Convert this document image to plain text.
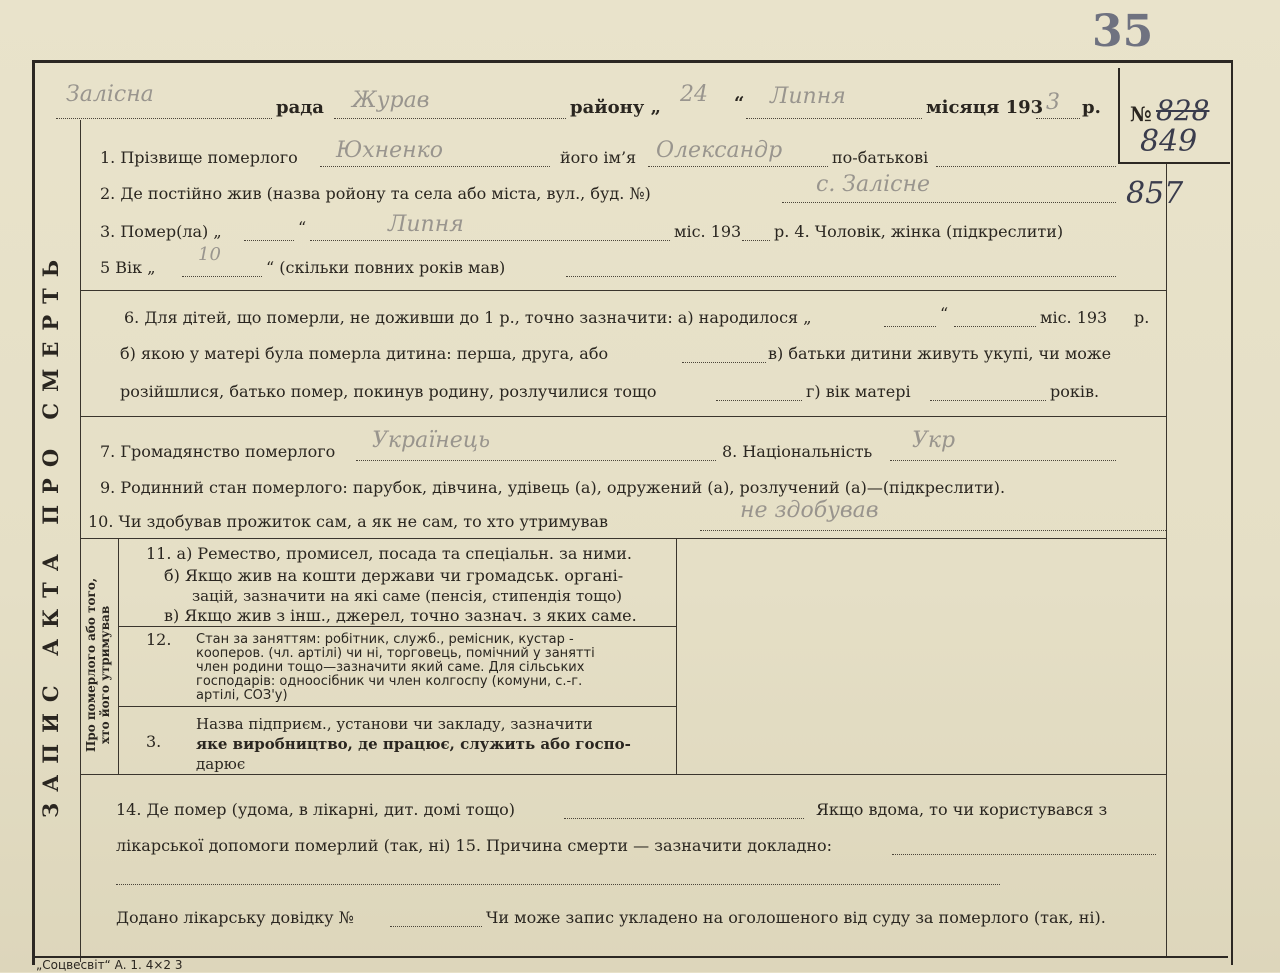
35
Залісна
рада Журав	району „
24 “ Липня	місяця 193 3 р. № 828
849
857
ЗАПИС АКТА ПРО СМЕРТЬ
1. Прізвище померлого Юхненко	його ім’я Олександр	по-батькові
2. Де постійно жив (назва ройону та села або міста, вул., буд. №)	с. Залісне
3. Помер(ла) „	“	Липня	міс. 193 р. 4. Чоловік, жінка (підкреслити)
5 Вік „
10
“ (скільки повних років мав)
6. Для дітей, що померли, не доживши до 1 р., точно зазначити: а) народилося „	“	міс. 193 р.
б) якою у матері була померла дитина: перша, друга, або	в) батьки дитини живуть укупі, чи може
розійшлися, батько помер, покинув родину, розлучилися тощо	г) вік матері	років.
7. Громадянство померлого Українець	8. Національність Укр
9. Родинний стан померлого: парубок, дівчина, удівець (а), одружений (а), розлучений (а)—(підкреслити).
10. Чи здобував прожиток сам, а як не сам, то хто утримував	не здобував
Про померлого або того, хто його утримував
11. а) Ремество, промисел, посада та спеціальн. за ними.
б) Якщо жив на кошти держави чи громадськ. органі-
зацій, зазначити на які саме (пенсія, стипендія тощо)
в) Якщо жив з інш., джерел, точно зазнач. з яких саме.
12. Стан за заняттям: робітник, служб., ремісник, кустар -
кооперов. (чл. артілі) чи ні, торговець, помічний у заняттi
член родини тощо—зазначити який саме. Для сільських
господарів: одноосібник чи член колгоспу (комуни, с.-г.
артілі, СОЗ'у)
3.
Назва підприєм., установи чи закладу, зазначити
яке виробництво, де працює, служить або госпо-
дарює
14. Де помер (удома, в лікарні, дит. домі тощо)	Якщо вдома, то чи користувався з
лікарської допомоги померлий (так, ні) 15. Причина смерти — зазначити докладно:
Додано лікарську довідку №	Чи може запис укладено на оголошеного від суду за померлого (так, ні).
„Соцвесвіт“ А. 1. 4×2 3
